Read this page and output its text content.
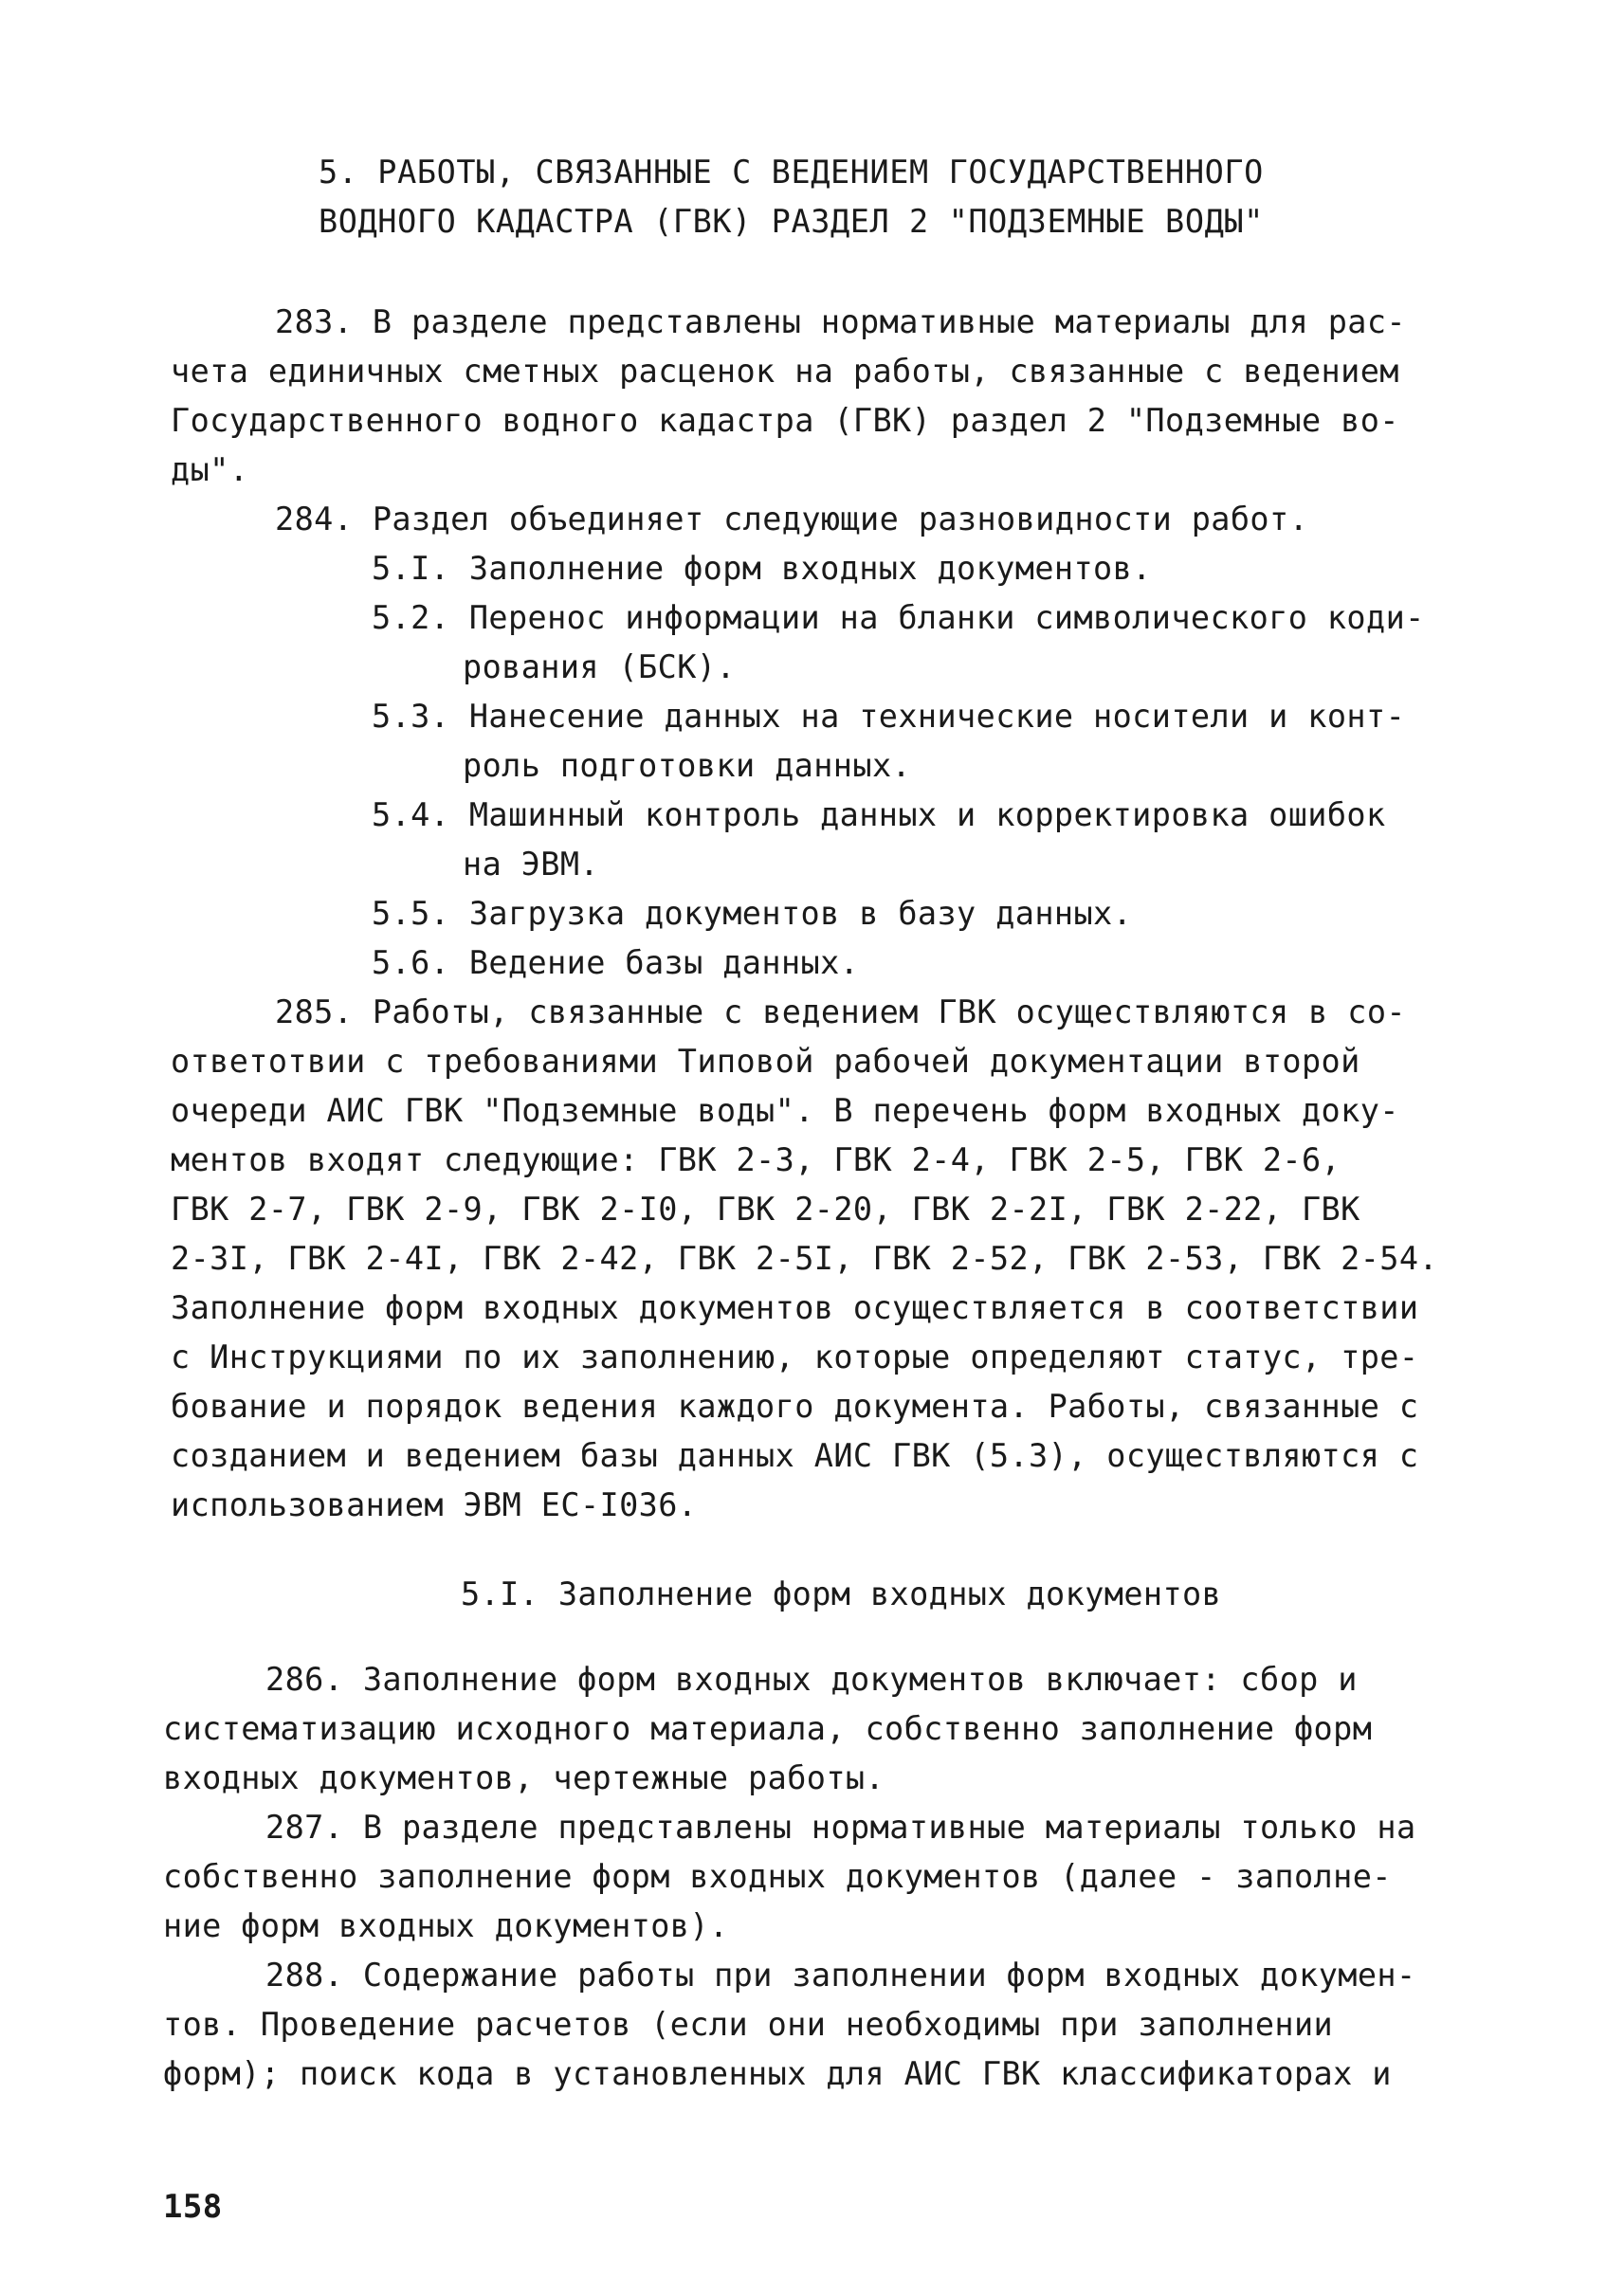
5. РАБОТЫ, СВЯЗАННЫЕ С ВЕДЕНИЕМ ГОСУДАРСТВЕННОГО
ВОДНОГО КАДАСТРА (ГВК) РАЗДЕЛ 2 "ПОДЗЕМНЫЕ ВОДЫ"
283. В разделе представлены нормативные материалы для рас-
чета единичных сметных расценок на работы, связанные с ведением
Государственного водного кадастра (ГВК) раздел 2 "Подземные во-
ды".
284. Раздел объединяет следующие разновидности работ.
5.I. Заполнение форм входных документов.
5.2. Перенос информации на бланки символического коди-
рования (БСК).
5.3. Нанесение данных на технические носители и конт-
роль подготовки данных.
5.4. Машинный контроль данных и корректировка ошибок
на ЭВМ.
5.5. Загрузка документов в базу данных.
5.6. Ведение базы данных.
285. Работы, связанные с ведением ГВК осуществляются в со-
ответотвии с требованиями Типовой рабочей документации второй
очереди АИС ГВК "Подземные воды". В перечень форм входных доку-
ментов входят следующие: ГВК 2-3, ГВК 2-4, ГВК 2-5, ГВК 2-6,
ГВК 2-7, ГВК 2-9, ГВК 2-I0, ГВК 2-20, ГВК 2-2I, ГВК 2-22, ГВК
2-3I, ГВК 2-4I, ГВК 2-42, ГВК 2-5I, ГВК 2-52, ГВК 2-53, ГВК 2-54.
Заполнение форм входных документов осуществляется в соответствии
с Инструкциями по их заполнению, которые определяют статус, тре-
бование и порядок ведения каждого документа. Работы, связанные с
созданием и ведением базы данных АИС ГВК (5.3), осуществляются с
использованием ЭВМ ЕС-I036.
5.I. Заполнение форм входных документов
286. Заполнение форм входных документов включает: сбор и
систематизацию исходного материала, собственно заполнение форм
входных документов, чертежные работы.
287. В разделе представлены нормативные материалы только на
собственно заполнение форм входных документов (далее - заполне-
ние форм входных документов).
288. Содержание работы при заполнении форм входных докумен-
тов. Проведение расчетов (если они необходимы при заполнении
форм); поиск кода в установленных для АИС ГВК классификаторах и
158
